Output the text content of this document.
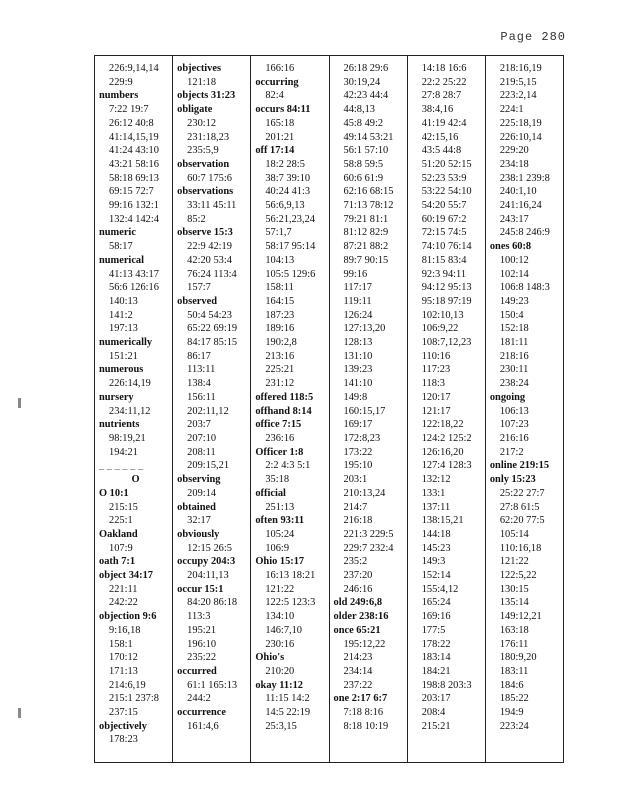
Page 280
226:9,14,14
229:9
numbers
7:22 19:7
26:12 40:8
41:14,15,19
41:24 43:10
43:21 58:16
58:18 69:13
69:15 72:7
99:16 132:1
132:4 142:4
numeric
58:17
numerical
41:13 43:17
56:6 126:16
140:13
141:2
197:13
numerically
151:21
numerous
226:14,19
nursery
234:11,12
nutrients
98:19,21
194:21
_ _ _ _ _ _
O
O 10:1
215:15
225:1
Oakland
107:9
oath 7:1
object 34:17
221:11
242:22
objection 9:6
9:16,18
158:1
170:12
171:13
214:6,19
215:1 237:8
237:15
objectively
178:23
objectives
121:18
objects 31:23
obligate
230:12
231:18,23
235:5,9
observation
60:7 175:6
observations
33:11 45:11
85:2
observe 15:3
22:9 42:19
42:20 53:4
76:24 113:4
157:7
observed
50:4 54:23
65:22 69:19
84:17 85:15
86:17
113:11
138:4
156:11
202:11,12
203:7
207:10
208:11
209:15,21
observing
209:14
obtained
32:17
obviously
12:15 26:5
occupy 204:3
204:11,13
occur 15:1
84:20 86:18
113:3
195:21
196:10
235:22
occurred
61:1 165:13
244:2
occurrence
161:4,6
166:16
occurring
82:4
occurs 84:11
165:18
201:21
off 17:14
18:2 28:5
38:7 39:10
40:24 41:3
56:6,9,13
56:21,23,24
57:1,7
58:17 95:14
104:13
105:5 129:6
158:11
164:15
187:23
189:16
190:2,8
213:16
225:21
231:12
offered 118:5
offhand 8:14
office 7:15
236:16
Officer 1:8
2:2 4:3 5:1
35:18
official
251:13
often 93:11
105:24
106:9
Ohio 15:17
16:13 18:21
121:22
122:5 123:3
134:10
146:7,10
230:16
Ohio's
210:20
okay 11:12
11:15 14:2
14:5 22:19
25:3,15
26:18 29:6
30:19,24
42:23 44:4
44:8,13
45:8 49:2
49:14 53:21
56:1 57:10
58:8 59:5
60:6 61:9
62:16 68:15
71:13 78:12
79:21 81:1
81:12 82:9
87:21 88:2
89:7 90:15
99:16
117:17
119:11
126:24
127:13,20
128:13
131:10
139:23
141:10
149:8
160:15,17
169:17
172:8,23
173:22
195:10
203:1
210:13,24
214:7
216:18
221:3 229:5
229:7 232:4
235:2
237:20
246:16
old 249:6,8
older 238:16
once 65:21
195:12,22
214:23
234:14
237:22
one 2:17 6:7
7:18 8:16
8:18 10:19
14:18 16:6
22:2 25:22
27:8 28:7
38:4,16
41:19 42:4
42:15,16
43:5 44:8
51:20 52:15
52:23 53:9
53:22 54:10
54:20 55:7
60:19 67:2
72:15 74:5
74:10 76:14
81:15 83:4
92:3 94:11
94:12 95:13
95:18 97:19
102:10,13
106:9,22
108:7,12,23
110:16
117:23
118:3
120:17
121:17
122:18,22
124:2 125:2
126:16,20
127:4 128:3
132:12
133:1
137:11
138:15,21
144:18
145:23
149:3
152:14
155:4,12
165:24
169:16
177:5
178:22
183:14
184:21
198:8 203:3
203:17
208:4
215:21
218:16,19
219:5,15
223:2,14
224:1
225:18,19
226:10,14
229:20
234:18
238:1 239:8
240:1,10
241:16,24
243:17
245:8 246:9
ones 60:8
100:12
102:14
106:8 148:3
149:23
150:4
152:18
181:11
218:16
230:11
238:24
ongoing
106:13
107:23
216:16
217:2
online 219:15
only 15:23
25:22 27:7
27:8 61:5
62:20 77:5
105:14
110:16,18
121:22
122:5,22
130:15
135:14
149:12,21
163:18
176:11
180:9,20
183:11
184:6
185:22
194:9
223:24
